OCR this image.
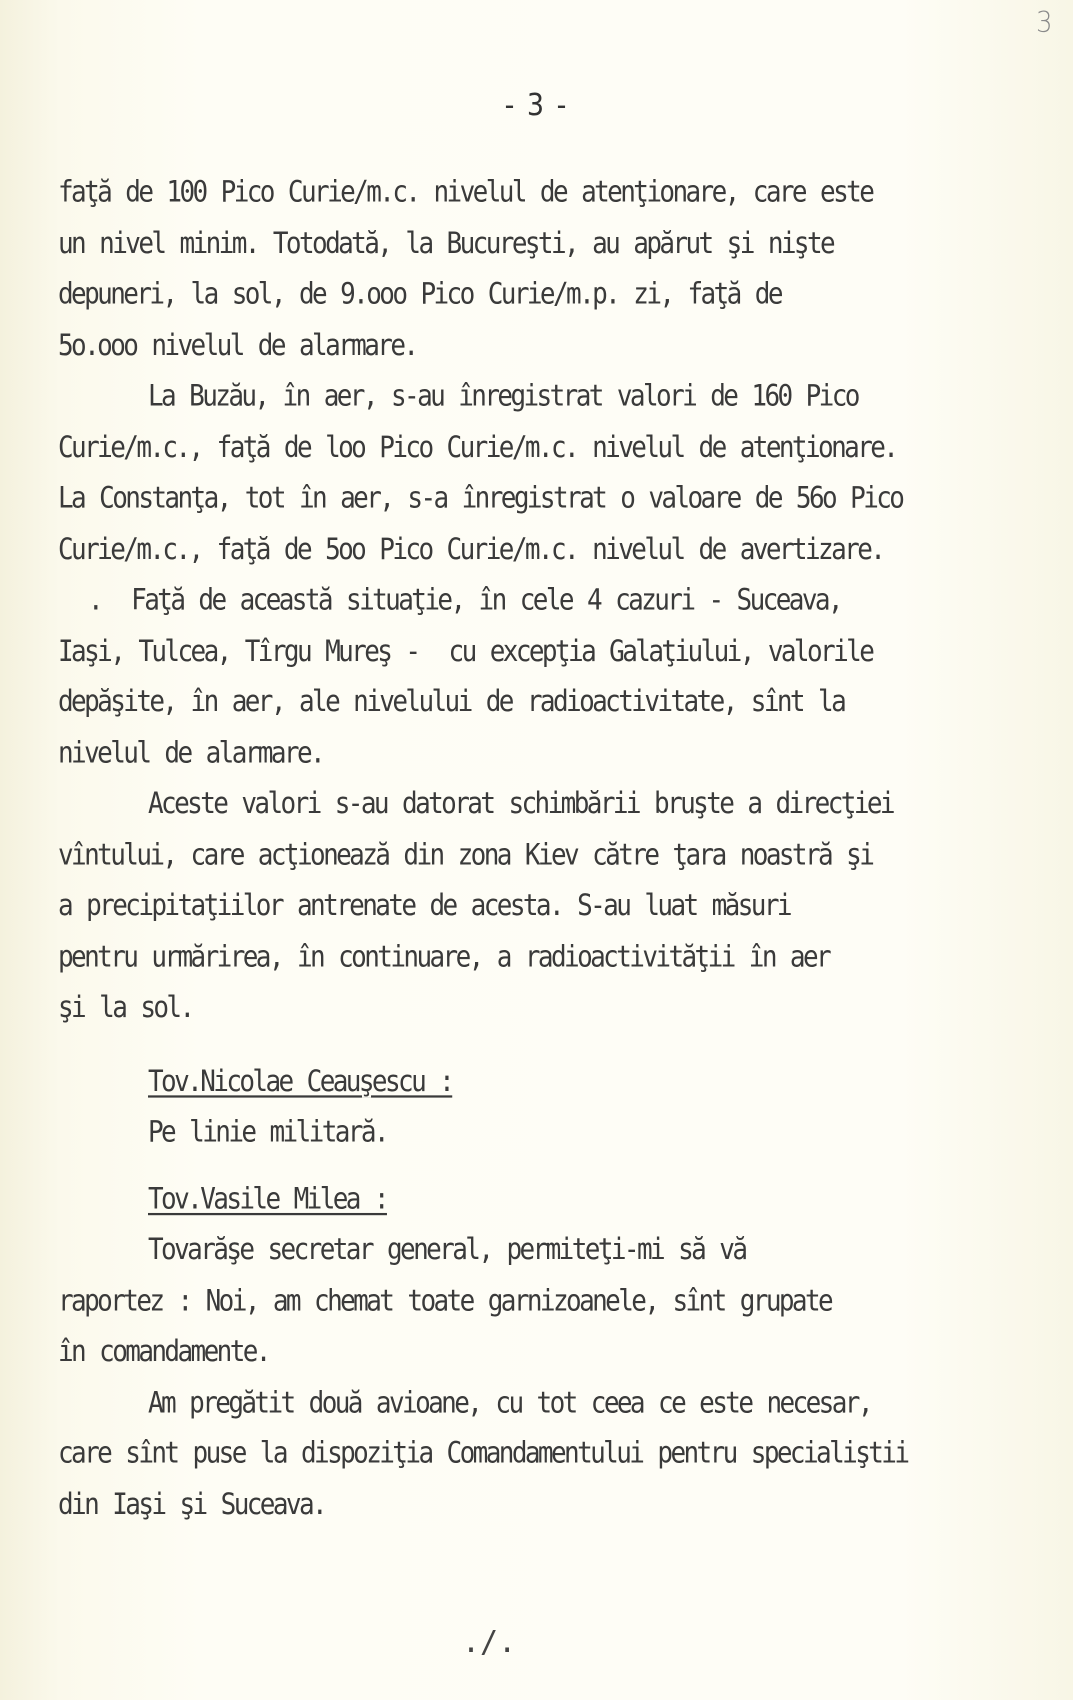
3
- 3 -
faţă de 100 Pico Curie/m.c. nivelul de atenţionare, care este
un nivel minim. Totodată, la Bucureşti, au apărut şi nişte
depuneri, la sol, de 9.ooo Pico Curie/m.p. zi, faţă de
5o.ooo nivelul de alarmare.
La Buzău, în aer, s-au înregistrat valori de 160 Pico
Curie/m.c., faţă de loo Pico Curie/m.c. nivelul de atenţionare.
La Constanţa, tot în aer, s-a înregistrat o valoare de 56o Pico
Curie/m.c., faţă de 5oo Pico Curie/m.c. nivelul de avertizare.
.  Faţă de această situaţie, în cele 4 cazuri - Suceava,
Iaşi, Tulcea, Tîrgu Mureş -  cu excepţia Galaţiului, valorile
depăşite, în aer, ale nivelului de radioactivitate, sînt la
nivelul de alarmare.
Aceste valori s-au datorat schimbării bruşte a direcţiei
vîntului, care acţionează din zona Kiev către ţara noastră şi
a precipitaţiilor antrenate de acesta. S-au luat măsuri
pentru urmărirea, în continuare, a radioactivităţii în aer
şi la sol.
Tov.Nicolae Ceauşescu :
Pe linie militară.
Tov.Vasile Milea :
Tovarăşe secretar general, permiteţi-mi să vă
raportez : Noi, am chemat toate garnizoanele, sînt grupate
în comandamente.
Am pregătit două avioane, cu tot ceea ce este necesar,
care sînt puse la dispoziţia Comandamentului pentru specialiştii
din Iaşi şi Suceava.
./.
